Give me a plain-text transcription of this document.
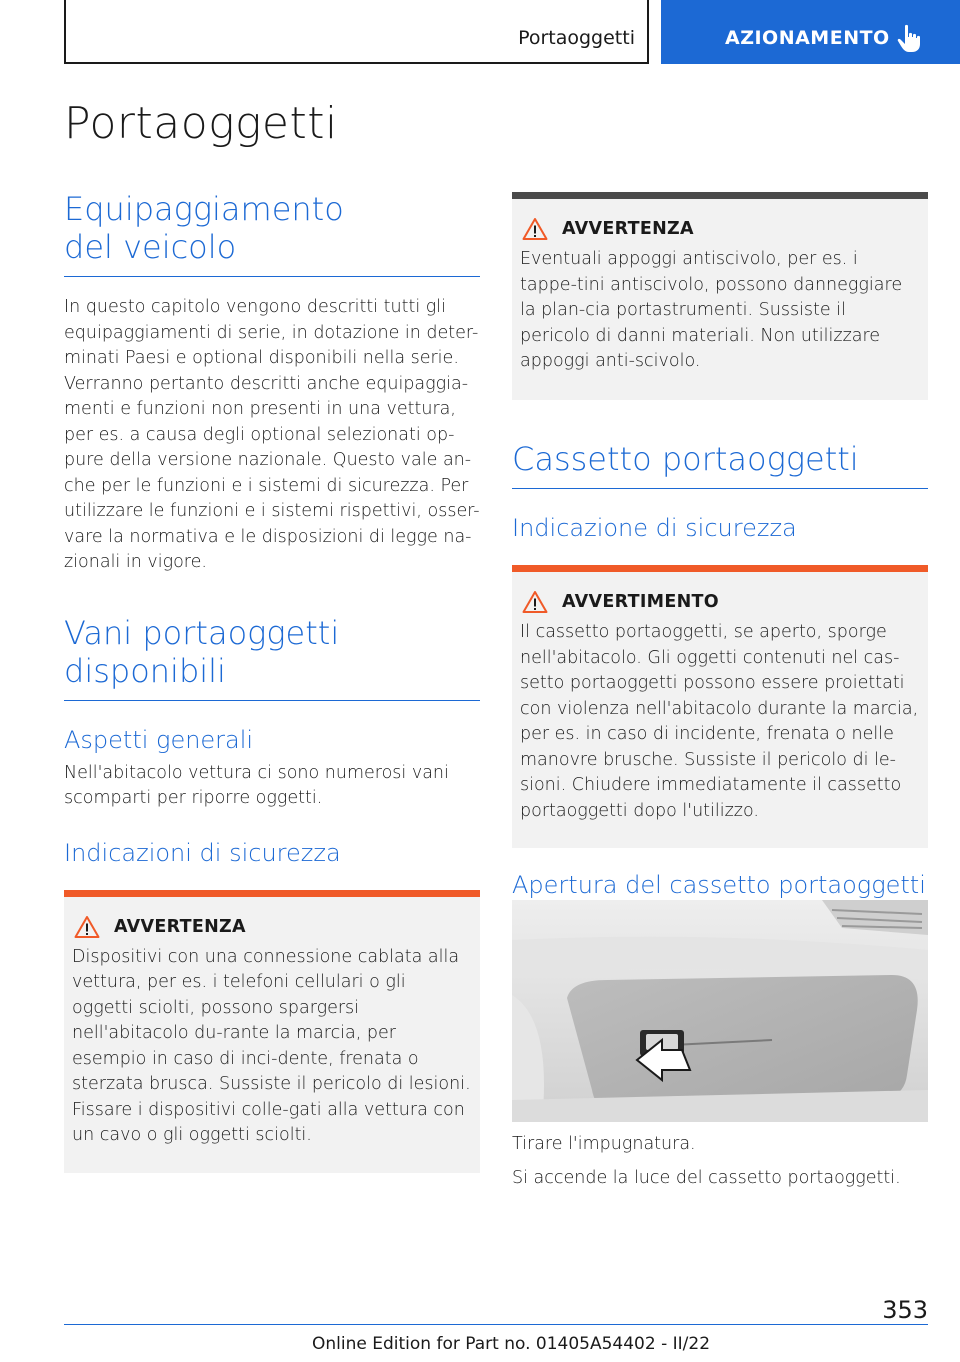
Portaoggetti	AZIONAMENTO
Portaoggetti
Equipaggiamento del veicolo

In questo capitolo vengono descritti tutti gli equipaggiamenti di serie, in dotazione in deter-minati Paesi e optional disponibili nella serie. Verranno pertanto descritti anche equipaggia-menti e funzioni non presenti in una vettura, per es. a causa degli optional selezionati op-pure della versione nazionale. Questo vale an-che per le funzioni e i sistemi di sicurezza. Per utilizzare le funzioni e i sistemi rispettivi, osser-vare la normativa e le disposizioni di legge na-zionali in vigore.

Vani portaoggetti disponibili
Aspetti generali

Nell'abitacolo vettura ci sono numerosi vani scomparti per riporre oggetti.

Indicazioni di sicurezza
AVVERTENZA

Dispositivi con una connessione cablata alla vettura, per es. i telefoni cellulari o gli oggetti sciolti, possono spargersi nell'abitacolo du-rante la marcia, per esempio in caso di inci-dente, frenata o sterzata brusca. Sussiste il pericolo di lesioni. Fissare i dispositivi colle-gati alla vettura con un cavo o gli oggetti sciolti.

AVVERTENZA

Eventuali appoggi antiscivolo, per es. i tappe-tini antiscivolo, possono danneggiare la plan-cia portastrumenti. Sussiste il pericolo di danni materiali. Non utilizzare appoggi anti-scivolo.

Cassetto portaoggetti
Indicazione di sicurezza
AVVERTIMENTO

Il cassetto portaoggetti, se aperto, sporge nell'abitacolo. Gli oggetti contenuti nel cas-setto portaoggetti possono essere proiettati con violenza nell'abitacolo durante la marcia, per es. in caso di incidente, frenata o nelle manovre brusche. Sussiste il pericolo di le-sioni. Chiudere immediatamente il cassetto portaoggetti dopo l'utilizzo.

Apertura del cassetto portaoggetti

Tirare l'impugnatura.

Si accende la luce del cassetto portaoggetti.

353
Online Edition for Part no. 01405A54402 - II/22
